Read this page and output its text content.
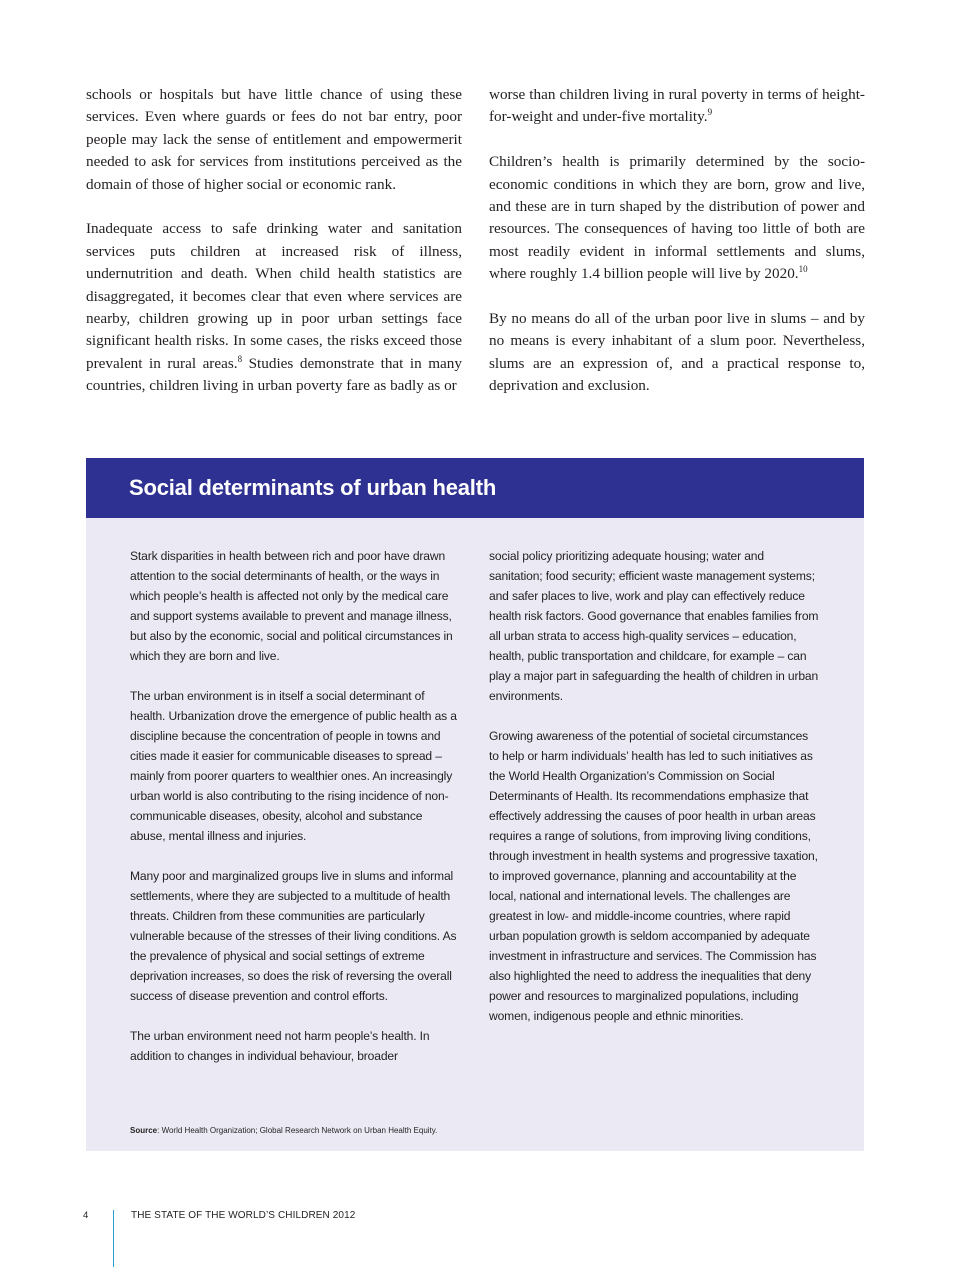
schools or hospitals but have little chance of using these services. Even where guards or fees do not bar entry, poor people may lack the sense of entitlement and empowermerit needed to ask for services from institutions perceived as the domain of those of higher social or economic rank.

Inadequate access to safe drinking water and sanitation services puts children at increased risk of illness, undernutrition and death. When child health statistics are disaggregated, it becomes clear that even where services are nearby, children growing up in poor urban settings face significant health risks. In some cases, the risks exceed those prevalent in rural areas.$^8$ Studies demonstrate that in many countries, children living in urban poverty fare as badly as or

worse than children living in rural poverty in terms of height-for-weight and under-five mortality.$^9$

Children’s health is primarily determined by the socioeconomic conditions in which they are born, grow and live, and these are in turn shaped by the distribution of power and resources. The consequences of having too little of both are most readily evident in informal settlements and slums, where roughly 1.4 billion people will live by 2020.10

By no means do all of the urban poor live in slums – and by no means is every inhabitant of a slum poor. Nevertheless, slums are an expression of, and a practical response to, deprivation and exclusion.

Social determinants of urban health

Stark disparities in health between rich and poor have drawn attention to the social determinants of health, or the ways in which people’s health is affected not only by the medical care and support systems available to prevent and manage illness, but also by the economic, social and political circumstances in which they are born and live.

The urban environment is in itself a social determinant of health. Urbanization drove the emergence of public health as a discipline because the concentration of people in towns and cities made it easier for communicable diseases to spread – mainly from poorer quarters to wealthier ones. An increasingly urban world is also contributing to the rising incidence of non-communicable diseases, obesity, alcohol and substance abuse, mental illness and injuries.

Many poor and marginalized groups live in slums and informal settlements, where they are subjected to a multitude of health threats. Children from these communities are particularly vulnerable because of the stresses of their living conditions. As the prevalence of physical and social settings of extreme deprivation increases, so does the risk of reversing the overall success of disease prevention and control efforts.

The urban environment need not harm people’s health. In addition to changes in individual behaviour, broader

social policy prioritizing adequate housing; water and sanitation; food security; efficient waste management systems; and safer places to live, work and play can effectively reduce health risk factors. Good governance that enables families from all urban strata to access high-quality services – education, health, public transportation and childcare, for example – can play a major part in safeguarding the health of children in urban environments.

Growing awareness of the potential of societal circumstances to help or harm individuals’ health has led to such initiatives as the World Health Organization’s Commission on Social Determinants of Health. Its recommendations emphasize that effectively addressing the causes of poor health in urban areas requires a range of solutions, from improving living conditions, through investment in health systems and progressive taxation, to improved governance, planning and accountability at the local, national and international levels. The challenges are greatest in low- and middle-income countries, where rapid urban population growth is seldom accompanied by adequate investment in infrastructure and services. The Commission has also highlighted the need to address the inequalities that deny power and resources to marginalized populations, including women, indigenous people and ethnic minorities.

Source: World Health Organization; Global Research Network on Urban Health Equity.
4	THE STATE OF THE WORLD’S CHILDREN 2012
